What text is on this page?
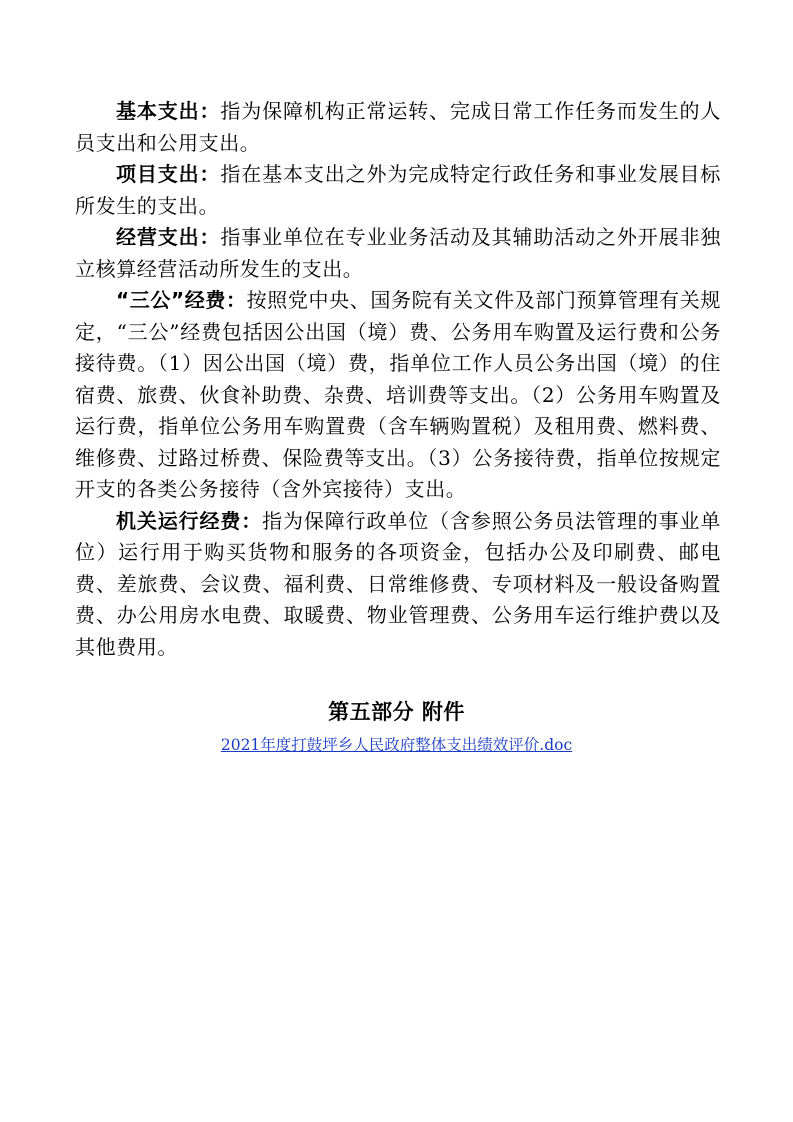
基本支出：指为保障机构正常运转、完成日常工作任务而发生的人员支出和公用支出。

项目支出：指在基本支出之外为完成特定行政任务和事业发展目标所发生的支出。

经营支出：指事业单位在专业业务活动及其辅助活动之外开展非独立核算经营活动所发生的支出。

“三公”经费：按照党中央、国务院有关文件及部门预算管理有关规定，“三公”经费包括因公出国（境）费、公务用车购置及运行费和公务接待费。（1）因公出国（境）费，指单位工作人员公务出国（境）的住宿费、旅费、伙食补助费、杂费、培训费等支出。（2）公务用车购置及运行费，指单位公务用车购置费（含车辆购置税）及租用费、燃料费、维修费、过路过桥费、保险费等支出。（3）公务接待费，指单位按规定开支的各类公务接待（含外宾接待）支出。

机关运行经费：指为保障行政单位（含参照公务员法管理的事业单位）运行用于购买货物和服务的各项资金，包括办公及印刷费、邮电费、差旅费、会议费、福利费、日常维修费、专项材料及一般设备购置费、办公用房水电费、取暖费、物业管理费、公务用车运行维护费以及其他费用。

第五部分 附件

2021年度打鼓坪乡人民政府整体支出绩效评价.doc
